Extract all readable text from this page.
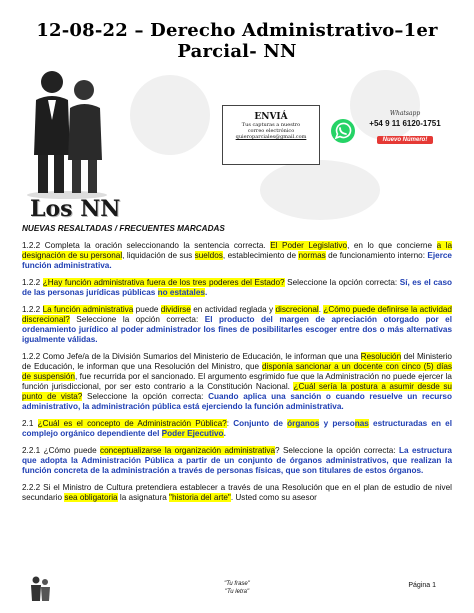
12-08-22 – Derecho Administrativo–1er Parcial- NN
Los NN
ENVIÁ
Tus capturas a nuestro
correo electrónico
quieroparciales@gmail.com
Whatsapp
+54 9 11 6120-1751
Nuevo Número!

NUEVAS RESALTADAS / FRECUENTES MARCADAS

1.2.2 Completa la oración seleccionando la sentencia correcta. El Poder Legislativo, en lo que concierne a la designación de su personal, liquidación de sus sueldos, establecimiento de normas de funcionamiento interno: Ejerce función administrativa.

1.2.2 ¿Hay función administrativa fuera de los tres poderes del Estado? Seleccione la opción correcta: Sí, es el caso de las personas jurídicas públicas no estatales.

1.2.2 La función administrativa puede dividirse en actividad reglada y discrecional. ¿Cómo puede definirse la actividad discrecional? Seleccione la opción correcta: El producto del margen de apreciación otorgado por el ordenamiento jurídico al poder administrador los fines de posibilitarles escoger entre dos o más alternativas igualmente válidas.

1.2.2 Como Jefe/a de la División Sumarios del Ministerio de Educación, le informan que una Resolución del Ministerio de Educación, le informan que una Resolución del Ministro, que disponía sancionar a un docente con cinco (5) días de suspensión, fue recurrida por el sancionado. El argumento esgrimido fue que la Administración no puede ejercer la función jurisdiccional, por ser esto contrario a la Constitución Nacional. ¿Cuál sería la postura a asumir desde su punto de vista? Seleccione la opción correcta: Cuando aplica una sanción o cuando resuelve un recurso administrativo, la administración pública está ejerciendo la función administrativa.

2.1 ¿Cuál es el concepto de Administración Pública?: Conjunto de órganos y personas estructuradas en el complejo orgánico dependiente del Poder Ejecutivo.

2.2.1 ¿Cómo puede conceptualizarse la organización administrativa? Seleccione la opción correcta: La estructura que adopta la Administración Pública a partir de un conjunto de órganos administrativos, que realizan la función concreta de la administración a través de personas físicas, que son titulares de estos órganos.

2.2.2 Si el Ministro de Cultura pretendiera establecer a través de una Resolución que en el plan de estudio de nivel secundario sea obligatoria la asignatura "historia del arte". Usted como su asesor

"Tu frase"
"Tu letra"
Página 1
